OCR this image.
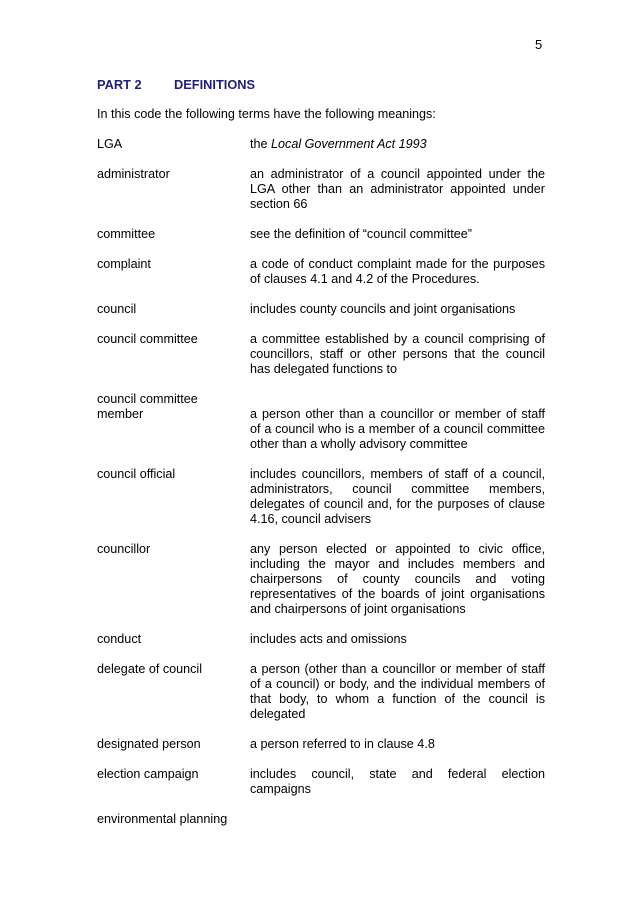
5
PART 2	DEFINITIONS
In this code the following terms have the following meanings:
LGA	the Local Government Act 1993
administrator	an administrator of a council appointed under the LGA other than an administrator appointed under section 66
committee	see the definition of “council committee”
complaint	a code of conduct complaint made for the purposes of clauses 4.1 and 4.2 of the Procedures.
council	includes county councils and joint organisations
council committee	a committee established by a council comprising of councillors, staff or other persons that the council has delegated functions to
council committee
member	a person other than a councillor or member of staff of a council who is a member of a council committee other than a wholly advisory committee
council official	includes councillors, members of staff of a council, administrators, council committee members, delegates of council and, for the purposes of clause 4.16, council advisers
councillor	any person elected or appointed to civic office, including the mayor and includes members and chairpersons of county councils and voting representatives of the boards of joint organisations and chairpersons of joint organisations
conduct	includes acts and omissions
delegate of council	a person (other than a councillor or member of staff of a council) or body, and the individual members of that body, to whom a function of the council is delegated
designated person	a person referred to in clause 4.8
election campaign	includes council, state and federal election campaigns
environmental planning
